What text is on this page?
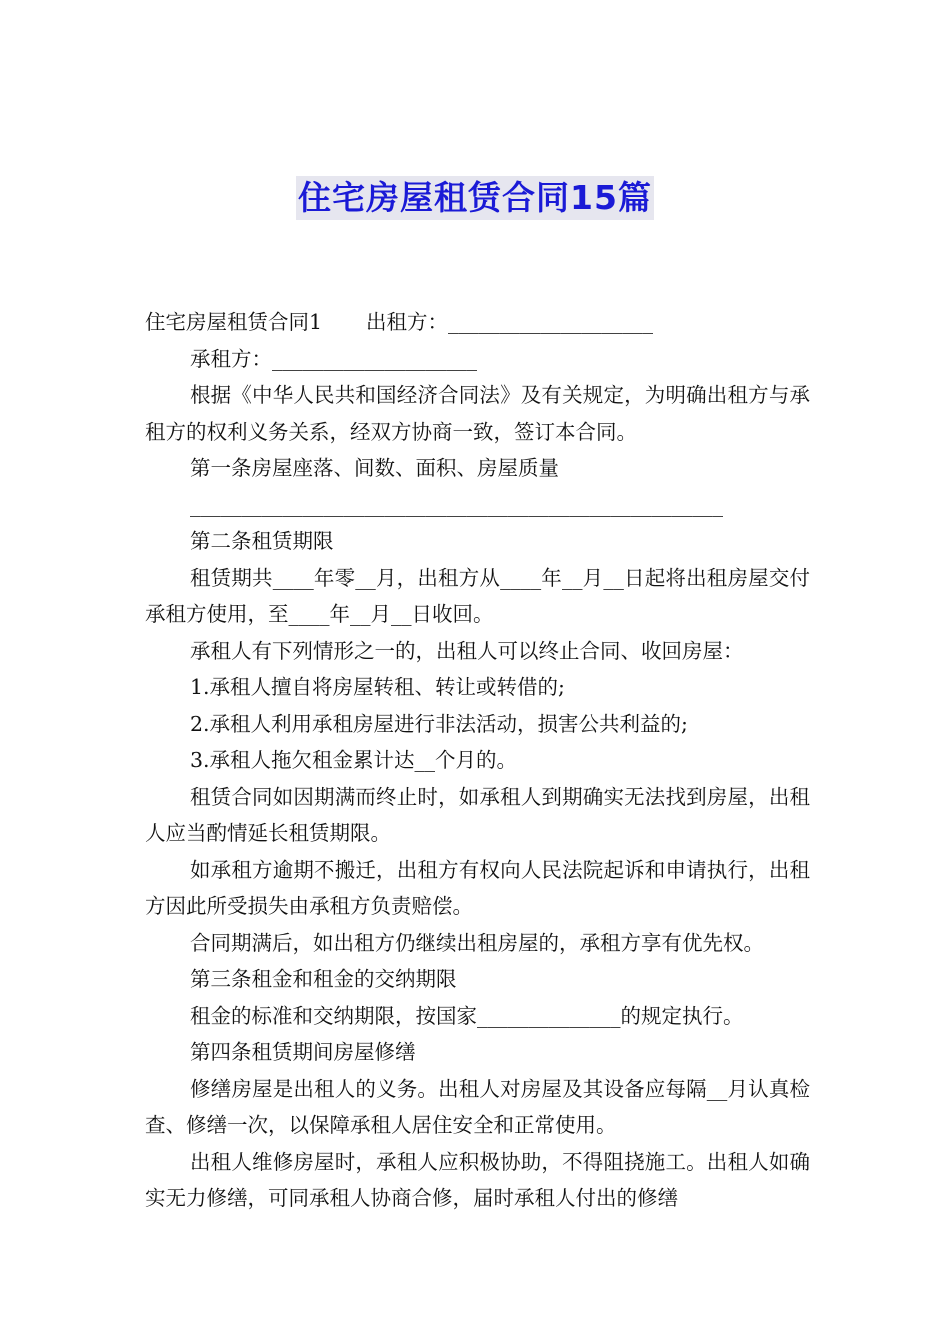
住宅房屋租赁合同15篇

住宅房屋租赁合同1 出租方：____________________

承租方：____________________

根据《中华人民共和国经济合同法》及有关规定，为明确出租方与承租方的权利义务关系，经双方协商一致，签订本合同。

第一条房屋座落、间数、面积、房屋质量

____________________________________________________

第二条租赁期限

租赁期共____年零__月，出租方从____年__月__日起将出租房屋交付承租方使用，至____年__月__日收回。

承租人有下列情形之一的，出租人可以终止合同、收回房屋：

1.承租人擅自将房屋转租、转让或转借的;

2.承租人利用承租房屋进行非法活动，损害公共利益的;

3.承租人拖欠租金累计达__个月的。

租赁合同如因期满而终止时，如承租人到期确实无法找到房屋，出租人应当酌情延长租赁期限。

如承租方逾期不搬迁，出租方有权向人民法院起诉和申请执行，出租方因此所受损失由承租方负责赔偿。

合同期满后，如出租方仍继续出租房屋的，承租方享有优先权。

第三条租金和租金的交纳期限

租金的标准和交纳期限，按国家______________的规定执行。

第四条租赁期间房屋修缮

修缮房屋是出租人的义务。出租人对房屋及其设备应每隔__月认真检查、修缮一次，以保障承租人居住安全和正常使用。

出租人维修房屋时，承租人应积极协助，不得阻挠施工。出租人如确实无力修缮，可同承租人协商合修，届时承租人付出的修缮
